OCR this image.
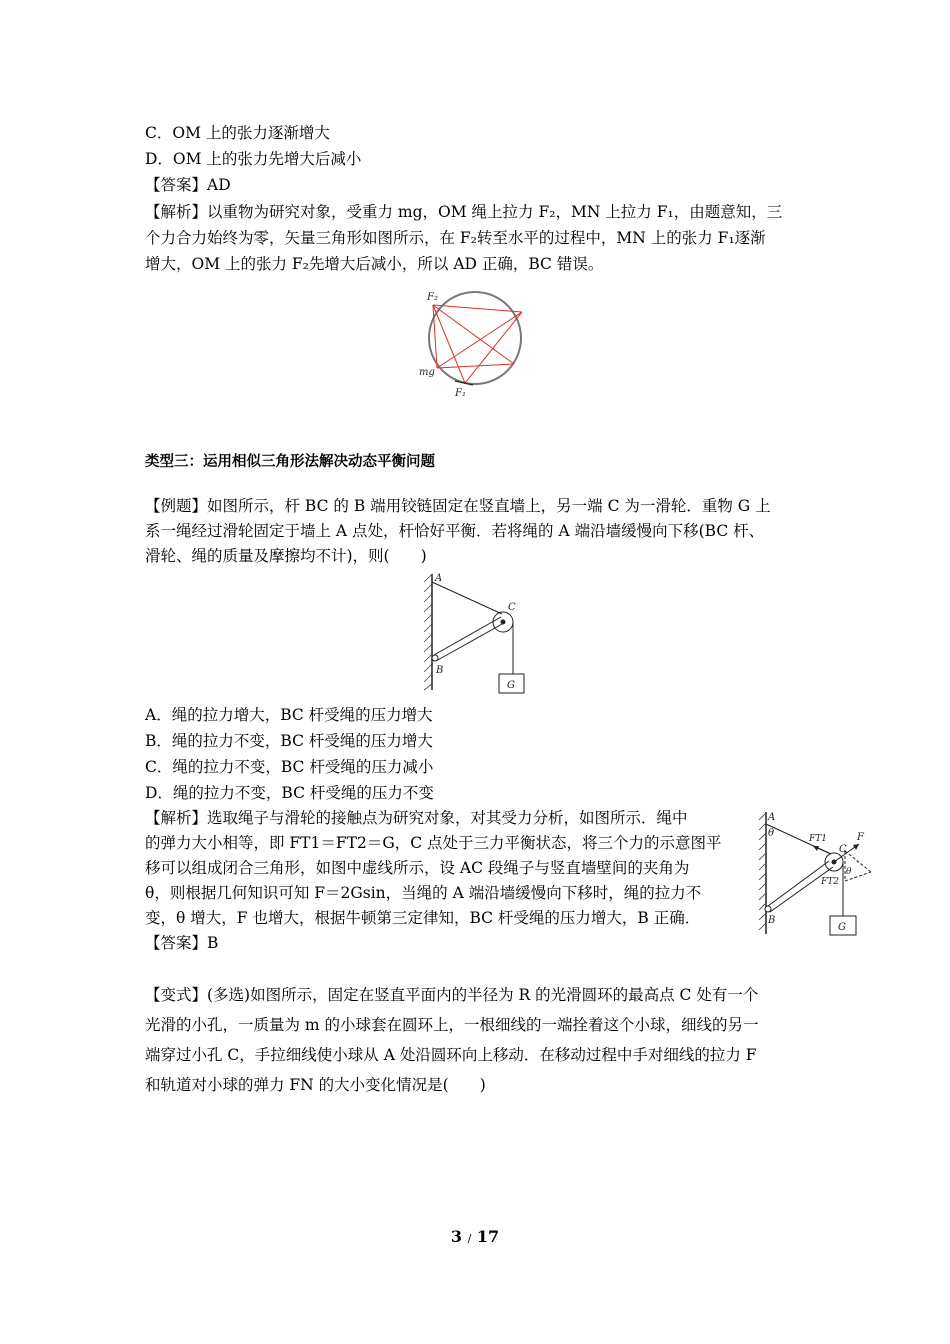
C．OM 上的张力逐渐增大
D．OM 上的张力先增大后减小
【答案】AD
【解析】以重物为研究对象，受重力 mg，OM 绳上拉力 F₂，MN 上拉力 F₁，由题意知，三
个力合力始终为零，矢量三角形如图所示，在 F₂转至水平的过程中，MN 上的张力 F₁逐渐
增大，OM 上的张力 F₂先增大后减小，所以 AD 正确，BC 错误。
F₂
mg
F₁
类型三：运用相似三角形法解决动态平衡问题
【例题】如图所示，杆 BC 的 B 端用铰链固定在竖直墙上，另一端 C 为一滑轮．重物 G 上
系一绳经过滑轮固定于墙上 A 点处，杆恰好平衡．若将绳的 A 端沿墙缓慢向下移(BC 杆、
滑轮、绳的质量及摩擦均不计)，则(　　)
A
B
C
G
A．绳的拉力增大，BC 杆受绳的压力增大
B．绳的拉力不变，BC 杆受绳的压力增大
C．绳的拉力不变，BC 杆受绳的压力减小
D．绳的拉力不变，BC 杆受绳的压力不变
【解析】选取绳子与滑轮的接触点为研究对象，对其受力分析，如图所示．绳中
的弹力大小相等，即 FT1＝FT2＝G，C 点处于三力平衡状态，将三个力的示意图平
移可以组成闭合三角形，如图中虚线所示，设 AC 段绳子与竖直墙壁间的夹角为
θ，则根据几何知识可知 F＝2Gsin，当绳的 A 端沿墙缓慢向下移时，绳的拉力不
变，θ 增大，F 也增大，根据牛顿第三定律知，BC 杆受绳的压力增大，B 正确．
【答案】B
A
θ	FT1	F
C
θ
FT2
B
G
【变式】(多选)如图所示，固定在竖直平面内的半径为 R 的光滑圆环的最高点 C 处有一个
光滑的小孔，一质量为 m 的小球套在圆环上，一根细线的一端拴着这个小球，细线的另一
端穿过小孔 C，手拉细线使小球从 A 处沿圆环向上移动．在移动过程中手对细线的拉力 F
和轨道对小球的弹力 FN 的大小变化情况是(　　)
3 / 17
